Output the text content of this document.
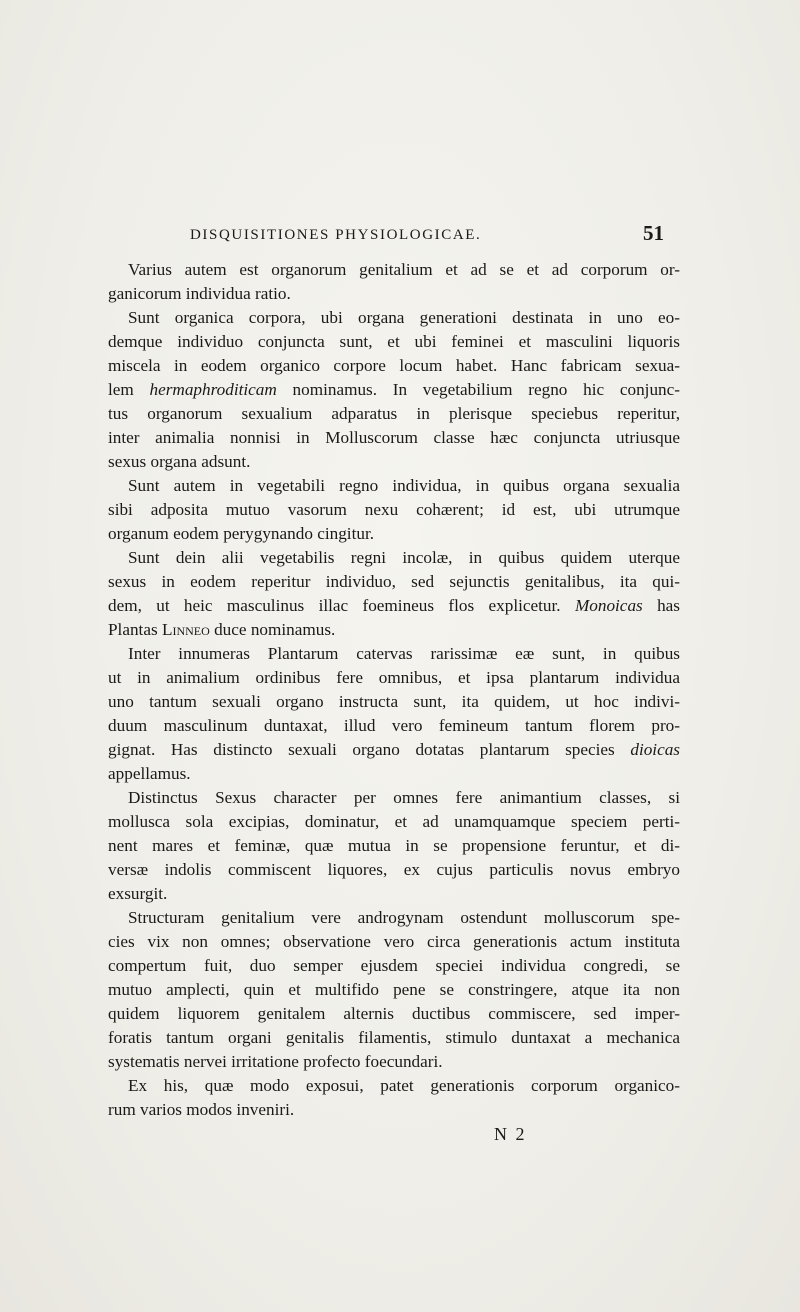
DISQUISITIONES PHYSIOLOGICAE.	51
Varius autem est organorum genitalium et ad se et ad corporum or-
ganicorum individua ratio.
Sunt organica corpora, ubi organa generationi destinata in uno eo-
demque individuo conjuncta sunt, et ubi feminei et masculini liquoris
miscela in eodem organico corpore locum habet. Hanc fabricam sexua-
lem hermaphroditicam nominamus. In vegetabilium regno hic conjunc-
tus organorum sexualium adparatus in plerisque speciebus reperitur,
inter animalia nonnisi in Molluscorum classe hæc conjuncta utriusque
sexus organa adsunt.
Sunt autem in vegetabili regno individua, in quibus organa sexualia
sibi adposita mutuo vasorum nexu cohærent; id est, ubi utrumque
organum eodem perygynando cingitur.
Sunt dein alii vegetabilis regni incolæ, in quibus quidem uterque
sexus in eodem reperitur individuo, sed sejunctis genitalibus, ita qui-
dem, ut heic masculinus illac foemineus flos explicetur. Monoicas has
Plantas Linneo duce nominamus.
Inter innumeras Plantarum catervas rarissimæ eæ sunt, in quibus
ut in animalium ordinibus fere omnibus, et ipsa plantarum individua
uno tantum sexuali organo instructa sunt, ita quidem, ut hoc indivi-
duum masculinum duntaxat, illud vero femineum tantum florem pro-
gignat. Has distincto sexuali organo dotatas plantarum species dioicas
appellamus.
Distinctus Sexus character per omnes fere animantium classes, si
mollusca sola excipias, dominatur, et ad unamquamque speciem perti-
nent mares et feminæ, quæ mutua in se propensione feruntur, et di-
versæ indolis commiscent liquores, ex cujus particulis novus embryo
exsurgit.
Structuram genitalium vere androgynam ostendunt molluscorum spe-
cies vix non omnes; observatione vero circa generationis actum instituta
compertum fuit, duo semper ejusdem speciei individua congredi, se
mutuo amplecti, quin et multifido pene se constringere, atque ita non
quidem liquorem genitalem alternis ductibus commiscere, sed imper-
foratis tantum organi genitalis filamentis, stimulo duntaxat a mechanica
systematis nervei irritatione profecto foecundari.
Ex his, quæ modo exposui, patet generationis corporum organico-
rum varios modos inveniri.
N 2
